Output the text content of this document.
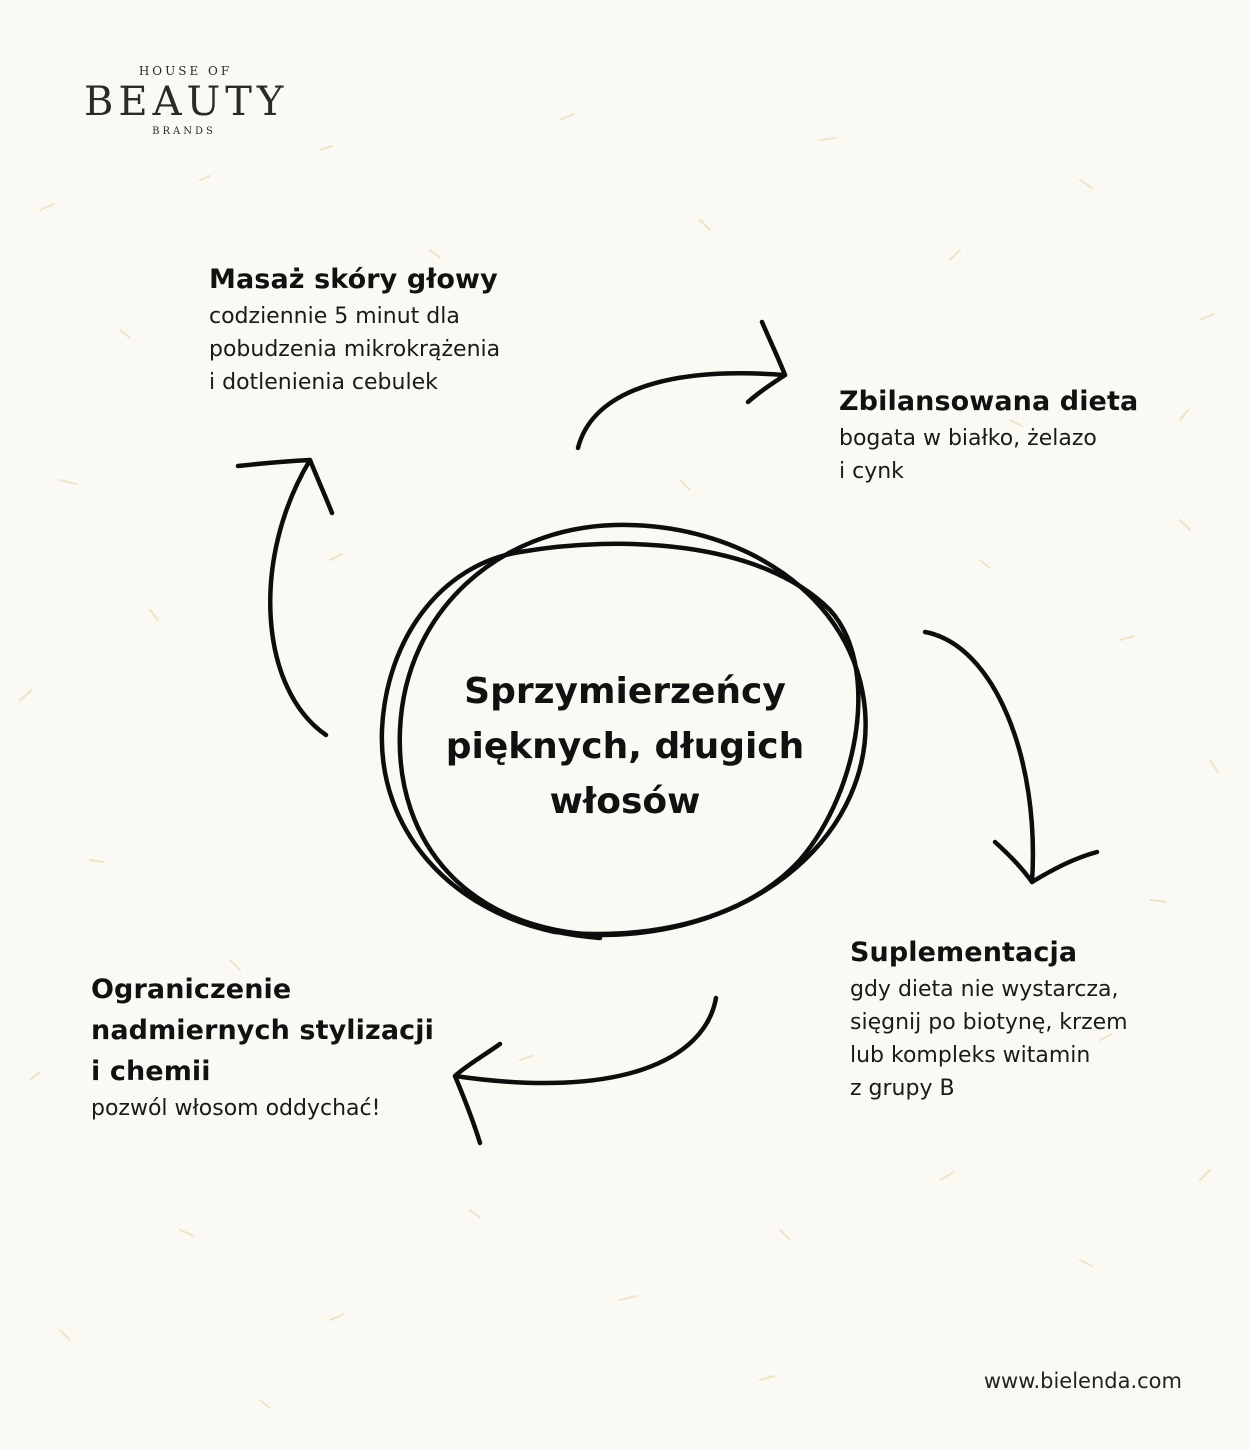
HOUSE OF
BEAUTY
BRANDS
Masaż skóry głowy
codziennie 5 minut dla
pobudzenia mikrokrążenia
i dotlenienia cebulek
Zbilansowana dieta
bogata w białko, żelazo
i cynk
Suplementacja
gdy dieta nie wystarcza,
sięgnij po biotynę, krzem
lub kompleks witamin
z grupy B
Ograniczenie
nadmiernych stylizacji
i chemii
pozwól włosom oddychać!
Sprzymierzeńcy
pięknych, długich
włosów
www.bielenda.com
